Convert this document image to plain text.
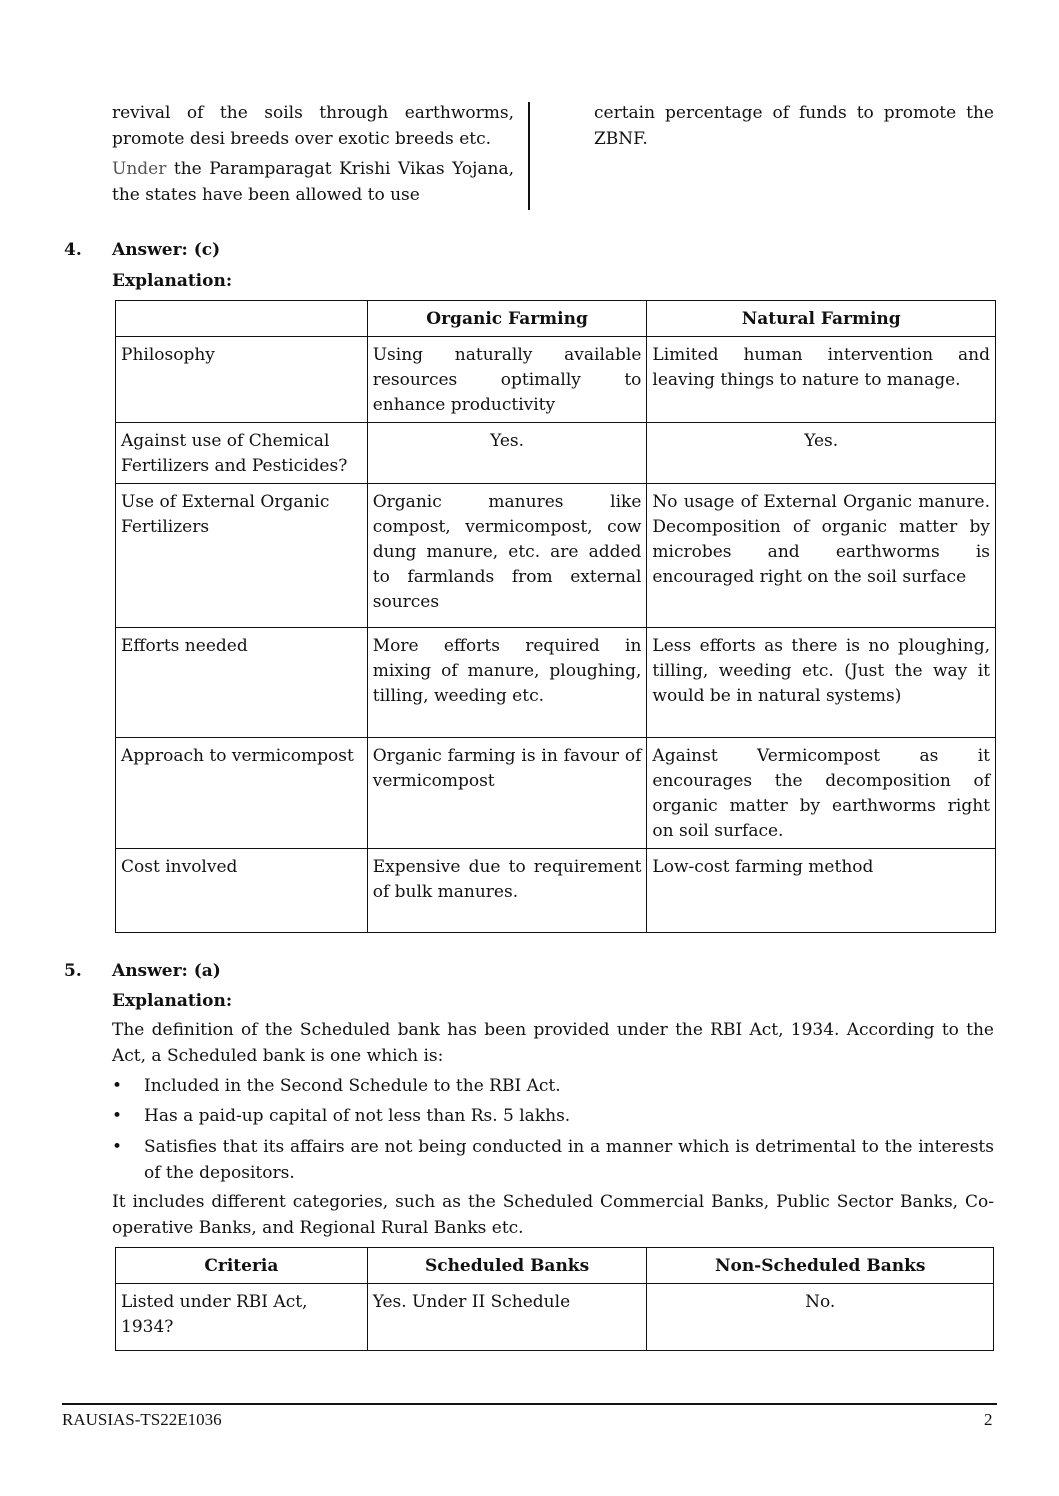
revival of the soils through earthworms, promote desi breeds over exotic breeds etc.

Under the Paramparagat Krishi Vikas Yojana, the states have been allowed to use

certain percentage of funds to promote the ZBNF.

4. Answer: (c)
Explanation:
	Organic Farming	Natural Farming
Philosophy	Using naturally available resources optimally to enhance productivity	Limited human intervention and leaving things to nature to manage.
Against use of Chemical Fertilizers and Pesticides?	Yes.	Yes.
Use of External Organic Fertilizers	Organic manures like compost, vermicompost, cow dung manure, etc. are added to farmlands from external sources	No usage of External Organic manure. Decomposition of organic matter by microbes and earthworms is encouraged right on the soil surface
Efforts needed	More efforts required in mixing of manure, ploughing, tilling, weeding etc.	Less efforts as there is no ploughing, tilling, weeding etc. (Just the way it would be in natural systems)
Approach to vermicompost	Organic farming is in favour of vermicompost	Against Vermicompost as it encourages the decomposition of organic matter by earthworms right on soil surface.
Cost involved	Expensive due to requirement of bulk manures.	Low-cost farming method
5. Answer: (a)
Explanation:

The definition of the Scheduled bank has been provided under the RBI Act, 1934. According to the Act, a Scheduled bank is one which is:

• Included in the Second Schedule to the RBI Act.
• Has a paid-up capital of not less than Rs. 5 lakhs.
• Satisfies that its affairs are not being conducted in a manner which is detrimental to the interests of the depositors.

It includes different categories, such as the Scheduled Commercial Banks, Public Sector Banks, Co-operative Banks, and Regional Rural Banks etc.

Criteria	Scheduled Banks	Non-Scheduled Banks
Listed under RBI Act, 1934?	Yes. Under II Schedule	No.
RAUSIAS-TS22E1036	2
